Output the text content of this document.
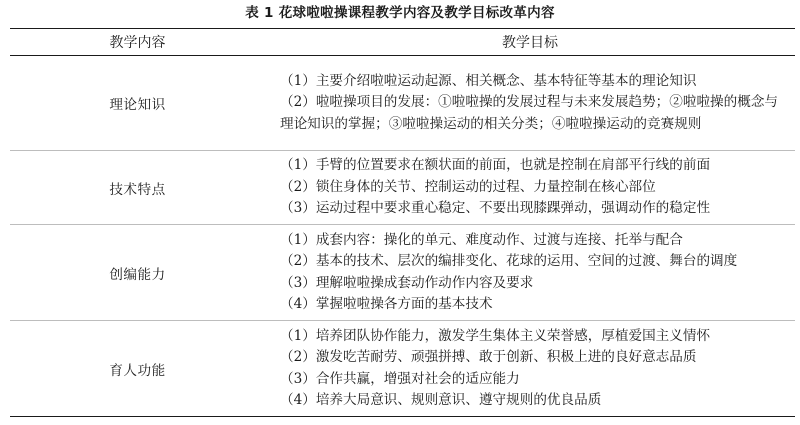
表 1 花球啦啦操课程教学内容及教学目标改革内容
教学内容	教学目标
理论知识	（1）主要介绍啦啦运动起源、相关概念、基本特征等基本的理论知识
（2）啦啦操项目的发展：①啦啦操的发展过程与未来发展趋势；②啦啦操的概念与理论知识的掌握；③啦啦操运动的相关分类；④啦啦操运动的竞赛规则

技术特点	（1）手臂的位置要求在额状面的前面，也就是控制在肩部平行线的前面
（2）锁住身体的关节、控制运动的过程、力量控制在核心部位
（3）运动过程中要求重心稳定、不要出现膝踝弹动，强调动作的稳定性

创编能力	（1）成套内容：操化的单元、难度动作、过渡与连接、托举与配合
（2）基本的技术、层次的编排变化、花球的运用、空间的过渡、舞台的调度
（3）理解啦啦操成套动作动作内容及要求
（4）掌握啦啦操各方面的基本技术

育人功能	（1）培养团队协作能力，激发学生集体主义荣誉感，厚植爱国主义情怀
（2）激发吃苦耐劳、顽强拼搏、敢于创新、积极上进的良好意志品质
（3）合作共赢，增强对社会的适应能力
（4）培养大局意识、规则意识、遵守规则的优良品质
